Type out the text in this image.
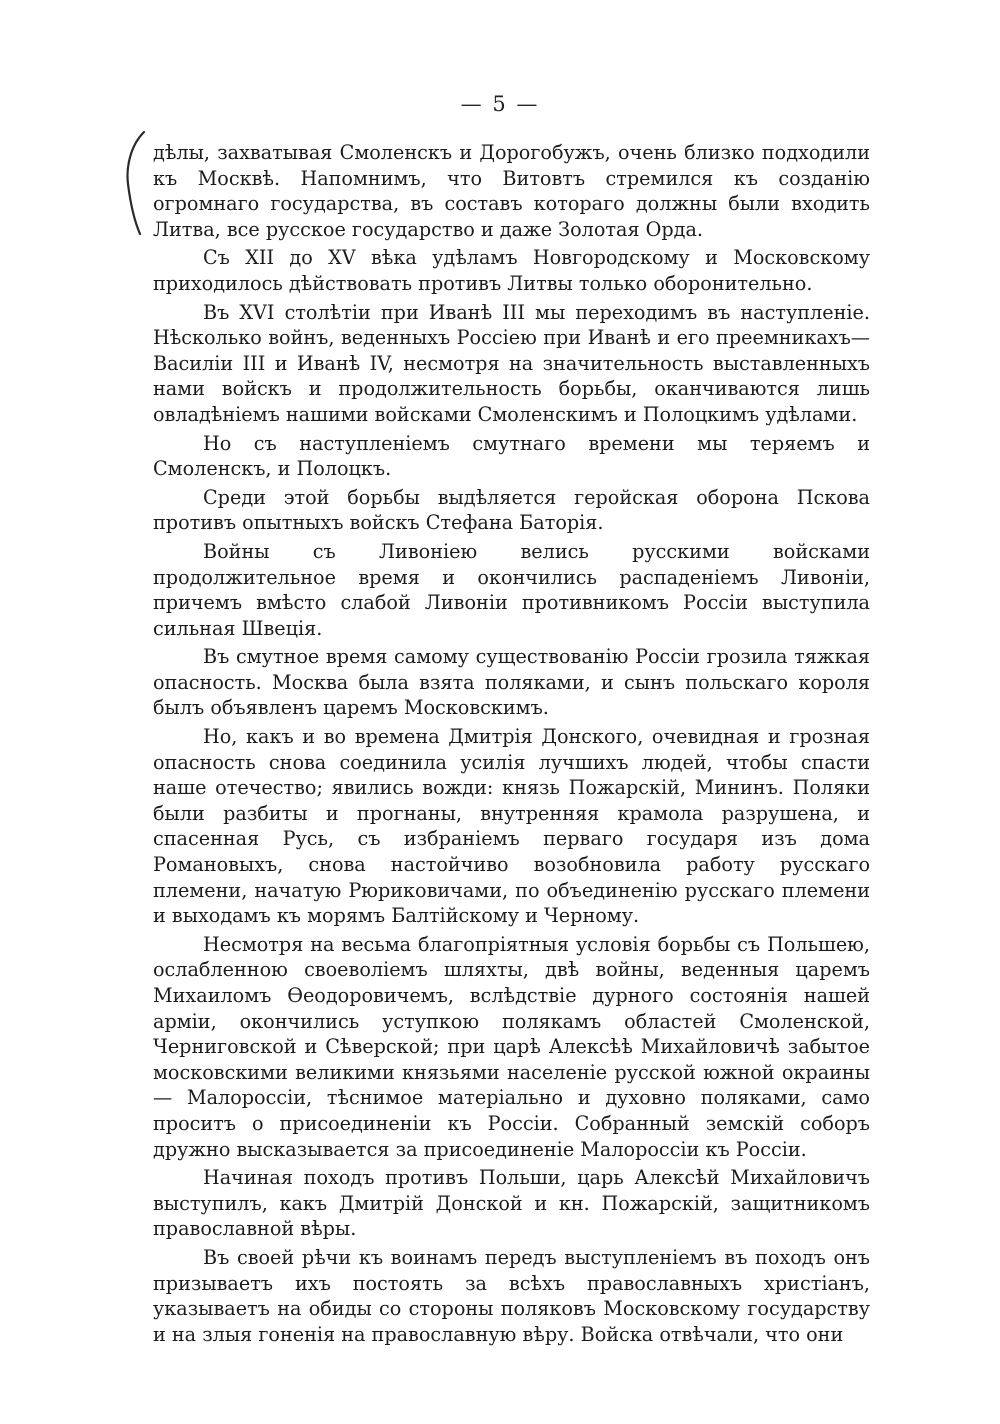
— 5 —

дѣлы, захватывая Смоленскъ и Дорогобужъ, очень близко подходили къ Москвѣ. Напомнимъ, что Витовтъ стремился къ созданію огромнаго государства, въ составъ котораго должны были входить Литва, все русское государство и даже Золотая Орда.

Съ XII до XV вѣка удѣламъ Новгородскому и Московскому приходилось дѣйствовать противъ Литвы только оборонительно.

Въ XVI столѣтіи при Иванѣ III мы переходимъ въ наступленіе. Нѣсколько войнъ, веденныхъ Россіею при Иванѣ и его преемникахъ—Василіи III и Иванѣ IV, несмотря на значительность выставленныхъ нами войскъ и продолжительность борьбы, оканчиваются лишь овладѣніемъ нашими войсками Смоленскимъ и Полоцкимъ удѣлами.

Но съ наступленіемъ смутнаго времени мы теряемъ и Смоленскъ, и Полоцкъ.

Среди этой борьбы выдѣляется геройская оборона Пскова противъ опытныхъ войскъ Стефана Баторія.

Войны съ Ливоніею велись русскими войсками продолжительное время и окончились распаденіемъ Ливоніи, причемъ вмѣсто слабой Ливоніи противникомъ Россіи выступила сильная Швеція.

Въ смутное время самому существованію Россіи грозила тяжкая опасность. Москва была взята поляками, и сынъ польскаго короля былъ объявленъ царемъ Московскимъ.

Но, какъ и во времена Дмитрія Донского, очевидная и грозная опасность снова соединила усилія лучшихъ людей, чтобы спасти наше отечество; явились вожди: князь Пожарскій, Мининъ. Поляки были разбиты и прогнаны, внутренняя крамола разрушена, и спасенная Русь, съ избраніемъ перваго государя изъ дома Романовыхъ, снова настойчиво возобновила работу русскаго племени, начатую Рюриковичами, по объединенію русскаго племени и выходамъ къ морямъ Балтійскому и Черному.

Несмотря на весьма благопріятныя условія борьбы съ Польшею, ослабленною своеволіемъ шляхты, двѣ войны, веденныя царемъ Михаиломъ Ѳеодоровичемъ, вслѣдствіе дурного состоянія нашей арміи, окончились уступкою полякамъ областей Смоленской, Черниговской и Сѣверской; при царѣ Алексѣѣ Михайловичѣ забытое московскими великими князьями населеніе русской южной окраины — Малороссіи, тѣснимое матеріально и духовно поляками, само проситъ о присоединеніи къ Россіи. Собранный земскій соборъ дружно высказывается за присоединеніе Малороссіи къ Россіи.

Начиная походъ противъ Польши, царь Алексѣй Михайловичъ выступилъ, какъ Дмитрій Донской и кн. Пожарскій, защитникомъ православной вѣры.

Въ своей рѣчи къ воинамъ передъ выступленіемъ въ походъ онъ призываетъ ихъ постоять за всѣхъ православныхъ христіанъ, указываетъ на обиды со стороны поляковъ Московскому государству и на злыя гоненія на православную вѣру. Войска отвѣчали, что они
